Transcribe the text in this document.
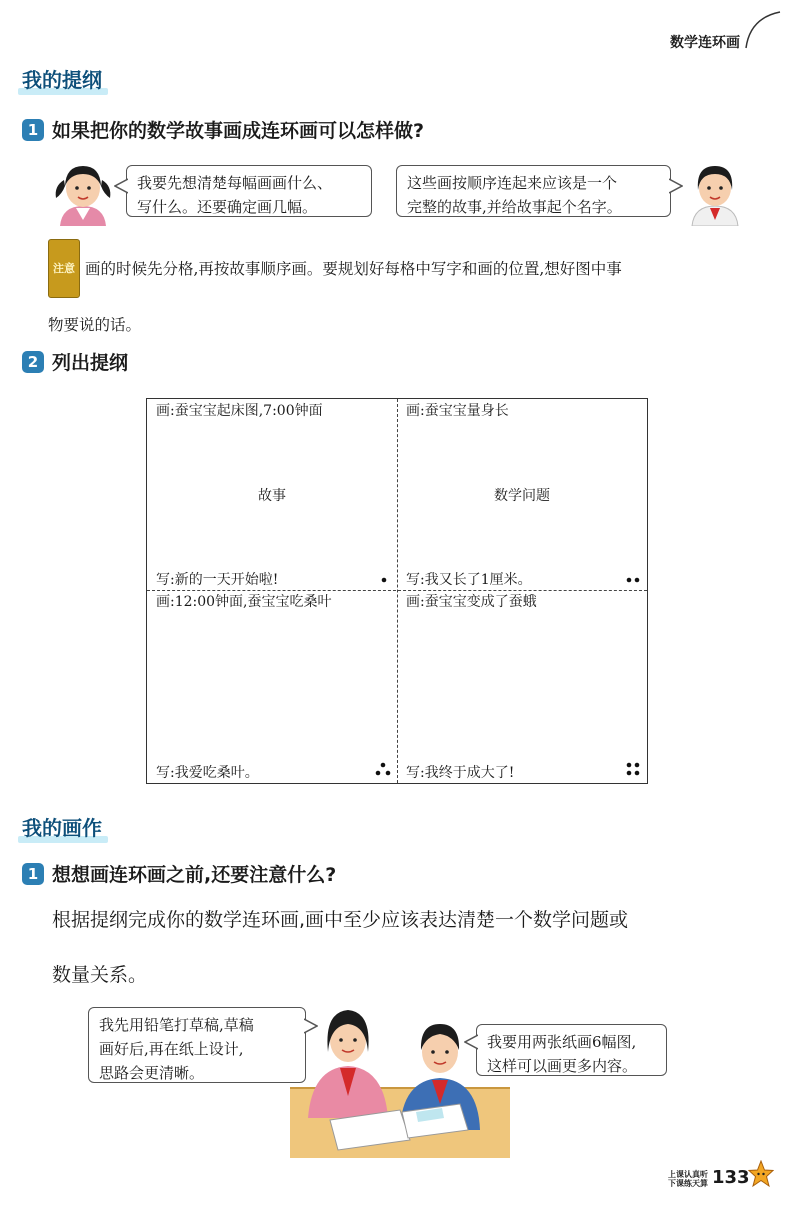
数学连环画
我的提纲
1 如果把你的数学故事画成连环画可以怎样做?
我要先想清楚每幅画画什么、
写什么。还要确定画几幅。
这些画按顺序连起来应该是一个
完整的故事,并给故事起个名字。
注意 画的时候先分格,再按故事顺序画。要规划好每格中写字和画的位置,想好图中事
物要说的话。
2 列出提纲
画:蚕宝宝起床图,7:00钟面
故事
写:新的一天开始啦!
画:蚕宝宝量身长
数学问题
写:我又长了1厘米。
画:12:00钟面,蚕宝宝吃桑叶
写:我爱吃桑叶。
画:蚕宝宝变成了蚕蛾
写:我终于成大了!
我的画作
1 想想画连环画之前,还要注意什么?
根据提纲完成你的数学连环画,画中至少应该表达清楚一个数学问题或
数量关系。
我先用铅笔打草稿,草稿
画好后,再在纸上设计,
思路会更清晰。
我要用两张纸画6幅图,
这样可以画更多内容。
上课认真听
下课练天算 133
